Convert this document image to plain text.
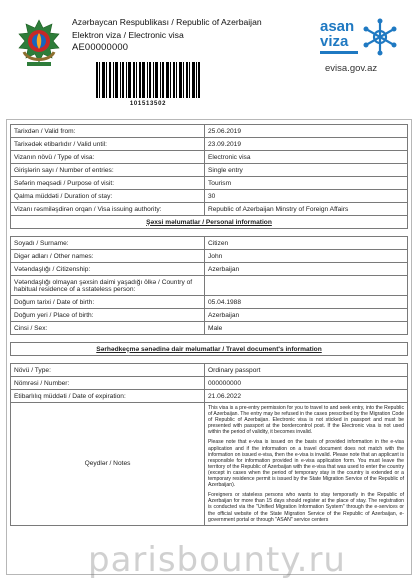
Azərbaycan Respublikası / Republic of Azerbaijan
Elektron viza / Electronic visa
AE00000000
101513502
asan
viza
evisa.gov.az
Tarixdən / Valid from:	25.06.2019
Tarixədək etibarlıdır / Valid until:	23.09.2019
Vizanın növü / Type of visa:	Electronic visa
Girişlərin sayı / Number of entries:	Single entry
Səfərin məqsədi / Purpose of visit:	Tourism
Qalma müddəti / Duration of stay:	30
Vizanı rəsmiləşdirən orqan / Visa issuing authority:	Republic of Azerbaijan Minstry of Foreign Affairs
Şəxsi məlumatlar / Personal information	

Soyadı / Surname:	Citizen
Digər adları / Other names:	John
Vətəndaşlığı / Citizenship:	Azerbaijan
Vətəndaşlığı olmayan şəxsin daimi yaşadığı ölkə / Country of habitual residence of a sstateless person:	
Doğum tarixi / Date of birth:	05.04.1988
Doğum yeri / Place of birth:	Azerbaijan
Cinsi / Sex:	Male

Sərhədkeçmə sənədinə dair məlumatlar / Travel document's information	

Növü / Type:	Ordinary passport
Nömrəsi / Number:	000000000
Etibarlılıq müddəti / Date of expiration:	21.06.2022
Qeydlər / Notes	This visa is a pre-entry permission for you to travel to and seek entry, into the Republic of Azerbaijan. The entry may be refused in the cases prescribed by the Migration Code of Republic of Azerbaijan. Electronic visa is not sticked in passport and must be presented with passport at the bordercontrol post. If the Electronic visa is not used within the period of validity, it becomes invalid.

Please note that e-visa is issued on the basis of provided information in the e-visa application and if the information on a travel document does not match with the information on issued e-visa, then the e-visa is invalid. Please note that an applicant is responsible for information provided in e-visa application form. You must leave the territory of the Republic of Azerbaijan with the e-visa that was used to enter the country (except in cases when the period of temporary stay in the country is extended or a temporary residence permit is issued by the State Migration Service of the Republic of Azerbaijan).

Foreigners or stateless persons who wants to stay temporarily in the Republic of Azerbaijan for more than 15 days should register at the place of stay. The registration is conducted via the "Unified Migration Information System" through the e-services or the official website of the State Migration Service of the Republic of Azerbaijan, e-government portal or through "ASAN" service centers

parisbounty.ru
